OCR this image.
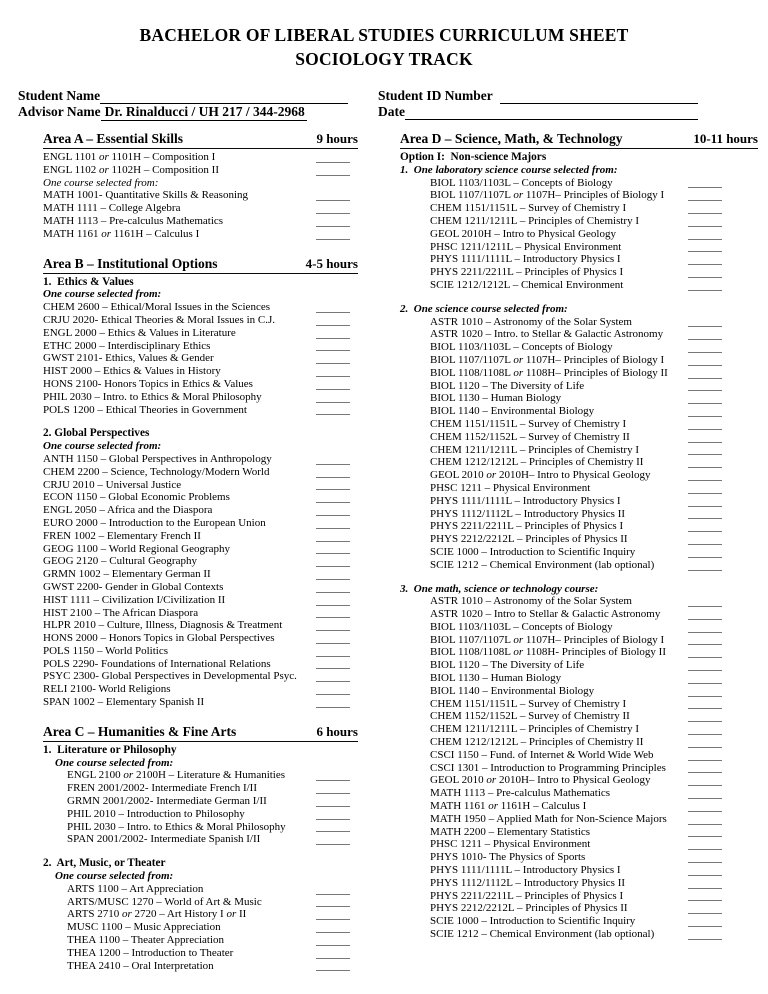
BACHELOR OF LIBERAL STUDIES CURRICULUM SHEET
SOCIOLOGY TRACK
Student Name
Advisor Name Dr. Rinalducci / UH 217 / 344-2968
Student ID Number
Date
Area A – Essential Skills	9 hours
ENGL 1101 or 1101H – Composition I
ENGL 1102 or 1102H – Composition II
One course selected from:
MATH 1001- Quantitative Skills & Reasoning
MATH 1111 – College Algebra
MATH 1113 – Pre-calculus Mathematics
MATH 1161 or 1161H – Calculus I
Area B – Institutional Options	4-5 hours
1.  Ethics & Values
One course selected from:
CHEM 2600 – Ethical/Moral Issues in the Sciences
CRJU 2020- Ethical Theories & Moral Issues in C.J.
ENGL 2000 – Ethics & Values in Literature
ETHC 2000 – Interdisciplinary Ethics
GWST 2101- Ethics, Values & Gender
HIST 2000 – Ethics & Values in History
HONS 2100- Honors Topics in Ethics & Values
PHIL 2030 – Intro. to Ethics & Moral Philosophy
POLS 1200 – Ethical Theories in Government
2. Global Perspectives
One course selected from:
ANTH 1150 – Global Perspectives in Anthropology
CHEM 2200 – Science, Technology/Modern World
CRJU 2010 – Universal Justice
ECON 1150 – Global Economic Problems
ENGL 2050 – Africa and the Diaspora
EURO 2000 – Introduction to the European Union
FREN 1002 – Elementary French II
GEOG 1100 – World Regional Geography
GEOG 2120 – Cultural Geography
GRMN 1002 – Elementary German II
GWST 2200- Gender in Global Contexts
HIST 1111 – Civilization I/Civilization II
HIST 2100 – The African Diaspora
HLPR 2010 – Culture, Illness, Diagnosis & Treatment
HONS 2000 – Honors Topics in Global Perspectives
POLS 1150 – World Politics
POLS 2290- Foundations of International Relations
PSYC 2300- Global Perspectives in Developmental Psyc.
RELI 2100- World Religions
SPAN 1002 – Elementary Spanish II
Area C – Humanities & Fine Arts	6 hours
1.  Literature or Philosophy
One course selected from:
ENGL 2100 or 2100H – Literature & Humanities
FREN 2001/2002- Intermediate French I/II
GRMN 2001/2002- Intermediate German I/II
PHIL 2010 – Introduction to Philosophy
PHIL 2030 – Intro. to Ethics & Moral Philosophy
SPAN 2001/2002- Intermediate Spanish I/II
2.  Art, Music, or Theater
One course selected from:
ARTS 1100 – Art Appreciation
ARTS/MUSC 1270 – World of Art & Music
ARTS 2710 or 2720 – Art History I or II
MUSC 1100 – Music Appreciation
THEA 1100 – Theater Appreciation
THEA 1200 – Introduction to Theater
THEA 2410 – Oral Interpretation
Area D – Science, Math, & Technology	10-11 hours
Option I:  Non-science Majors
1.  One laboratory science course selected from:
BIOL 1103/1103L – Concepts of Biology
BIOL 1107/1107L or 1107H– Principles of Biology I
CHEM 1151/1151L – Survey of Chemistry I
CHEM 1211/1211L – Principles of Chemistry I
GEOL 2010H – Intro to Physical Geology
PHSC 1211/1211L – Physical Environment
PHYS 1111/1111L – Introductory Physics I
PHYS 2211/2211L – Principles of Physics I
SCIE 1212/1212L – Chemical Environment
2.  One science course selected from:
ASTR 1010 – Astronomy of the Solar System
ASTR 1020 – Intro. to Stellar & Galactic Astronomy
BIOL 1103/1103L – Concepts of Biology
BIOL 1107/1107L or 1107H– Principles of Biology I
BIOL 1108/1108L or 1108H– Principles of Biology II
BIOL 1120 – The Diversity of Life
BIOL 1130 – Human Biology
BIOL 1140 – Environmental Biology
CHEM 1151/1151L – Survey of Chemistry I
CHEM 1152/1152L – Survey of Chemistry II
CHEM 1211/1211L – Principles of Chemistry I
CHEM 1212/1212L – Principles of Chemistry II
GEOL 2010 or 2010H– Intro to Physical Geology
PHSC 1211 – Physical Environment
PHYS 1111/1111L – Introductory Physics I
PHYS 1112/1112L – Introductory Physics II
PHYS 2211/2211L – Principles of Physics I
PHYS 2212/2212L – Principles of Physics II
SCIE 1000 – Introduction to Scientific Inquiry
SCIE 1212 – Chemical Environment (lab optional)
3.  One math, science or technology course:
ASTR 1010 – Astronomy of the Solar System
ASTR 1020 – Intro to Stellar & Galactic Astronomy
BIOL 1103/1103L – Concepts of Biology
BIOL 1107/1107L or 1107H– Principles of Biology I
BIOL 1108/1108L or 1108H- Principles of Biology II
BIOL 1120 – The Diversity of Life
BIOL 1130 – Human Biology
BIOL 1140 – Environmental Biology
CHEM 1151/1151L – Survey of Chemistry I
CHEM 1152/1152L – Survey of Chemistry II
CHEM 1211/1211L – Principles of Chemistry I
CHEM 1212/1212L – Principles of Chemistry II
CSCI 1150 – Fund. of Internet & World Wide Web
CSCI 1301 – Introduction to Programming Principles
GEOL 2010 or 2010H– Intro to Physical Geology
MATH 1113 – Pre-calculus Mathematics
MATH 1161 or 1161H – Calculus I
MATH 1950 – Applied Math for Non-Science Majors
MATH 2200 – Elementary Statistics
PHSC 1211 – Physical Environment
PHYS 1010- The Physics of Sports
PHYS 1111/1111L – Introductory Physics I
PHYS 1112/1112L – Introductory Physics II
PHYS 2211/2211L – Principles of Physics I
PHYS 2212/2212L – Principles of Physics II
SCIE 1000 – Introduction to Scientific Inquiry
SCIE 1212 – Chemical Environment (lab optional)
